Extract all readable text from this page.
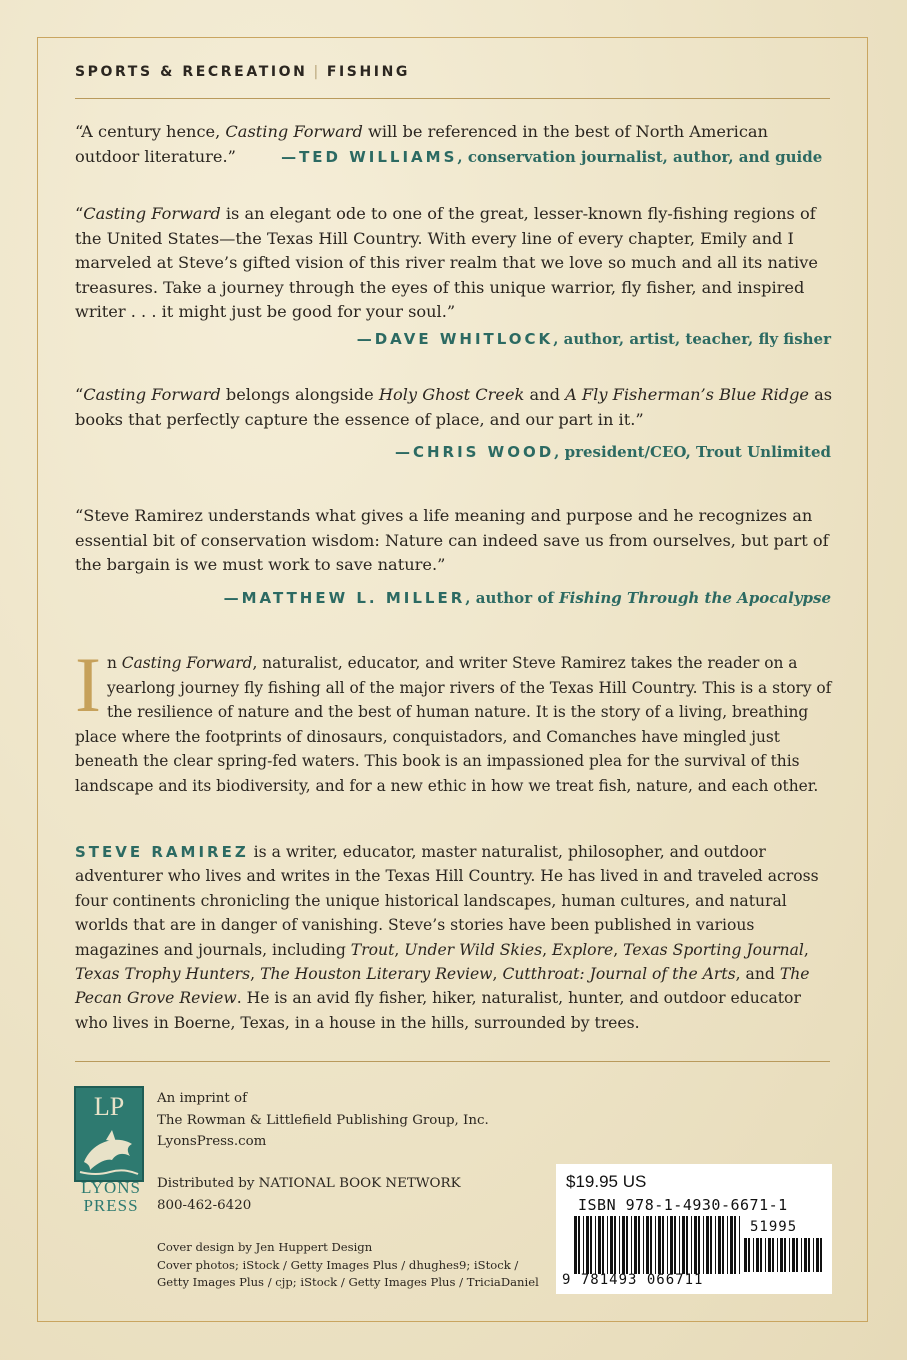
SPORTS & RECREATION | FISHING

“A century hence, Casting Forward will be referenced in the best of North American outdoor literature.”	—TED WILLIAMS, conservation journalist, author, and guide

“Casting Forward is an elegant ode to one of the great, lesser-known fly-fishing regions of the United States—the Texas Hill Country. With every line of every chapter, Emily and I marveled at Steve’s gifted vision of this river realm that we love so much and all its native treasures. Take a journey through the eyes of this unique warrior, fly fisher, and inspired writer . . . it might just be good for your soul.”

—DAVE WHITLOCK, author, artist, teacher, fly fisher

“Casting Forward belongs alongside Holy Ghost Creek and A Fly Fisherman’s Blue Ridge as books that perfectly capture the essence of place, and our part in it.”

—CHRIS WOOD, president/CEO, Trout Unlimited

“Steve Ramirez understands what gives a life meaning and purpose and he recognizes an essential bit of conservation wisdom: Nature can indeed save us from ourselves, but part of the bargain is we must work to save nature.”

—MATTHEW L. MILLER, author of Fishing Through the Apocalypse
In Casting Forward, naturalist, educator, and writer Steve Ramirez takes the reader on a yearlong journey fly fishing all of the major rivers of the Texas Hill Country. This is a story of the resilience of nature and the best of human nature. It is the story of a living, breathing place where the footprints of dinosaurs, conquistadors, and Comanches have mingled just beneath the clear spring-fed waters. This book is an impassioned plea for the survival of this landscape and its biodiversity, and for a new ethic in how we treat fish, nature, and each other.
STEVE RAMIREZ is a writer, educator, master naturalist, philosopher, and outdoor adventurer who lives and writes in the Texas Hill Country. He has lived in and traveled across four continents chronicling the unique historical landscapes, human cultures, and natural worlds that are in danger of vanishing. Steve’s stories have been published in various magazines and journals, including Trout, Under Wild Skies, Explore, Texas Sporting Journal, Texas Trophy Hunters, The Houston Literary Review, Cutthroat: Journal of the Arts, and The Pecan Grove Review. He is an avid fly fisher, hiker, naturalist, hunter, and outdoor educator who lives in Boerne, Texas, in a house in the hills, surrounded by trees.
LP
LYONS
PRESS
An imprint of
The Rowman & Littlefield Publishing Group, Inc.
LyonsPress.com
Distributed by NATIONAL BOOK NETWORK
800-462-6420
Cover design by Jen Huppert Design
Cover photos; iStock / Getty Images Plus / dhughes9; iStock /
Getty Images Plus / cjp; iStock / Getty Images Plus / TriciaDaniel
$19.95 US
ISBN 978-1-4930-6671-1
9 781493 066711
51995
